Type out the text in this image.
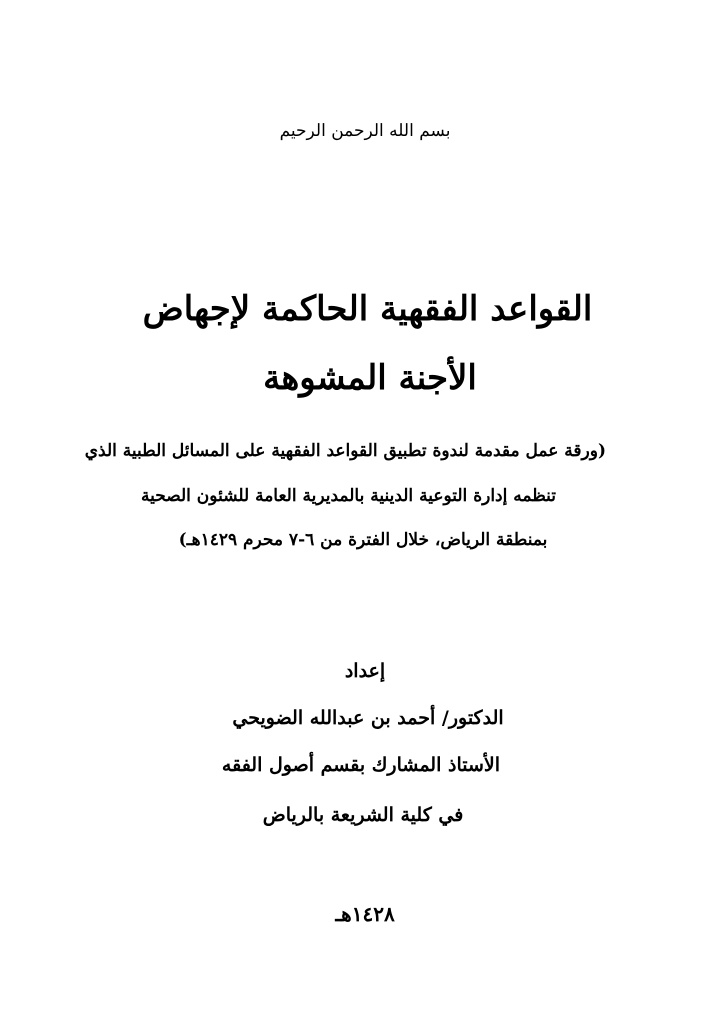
بسم الله الرحمن الرحيم
القواعد الفقهية الحاكمة لإجهاض
الأجنة المشوهة
(ورقة عمل مقدمة لندوة تطبيق القواعد الفقهية على المسائل الطبية الذي
تنظمه إدارة التوعية الدينية بالمديرية العامة للشئون الصحية
بمنطقة الرياض، خلال الفترة من ٦-٧ محرم ١٤٢٩هـ)
إعداد
الدكتور/ أحمد بن عبدالله الضويحي
الأستاذ المشارك بقسم أصول الفقه
في كلية الشريعة بالرياض
١٤٢٨هـ
